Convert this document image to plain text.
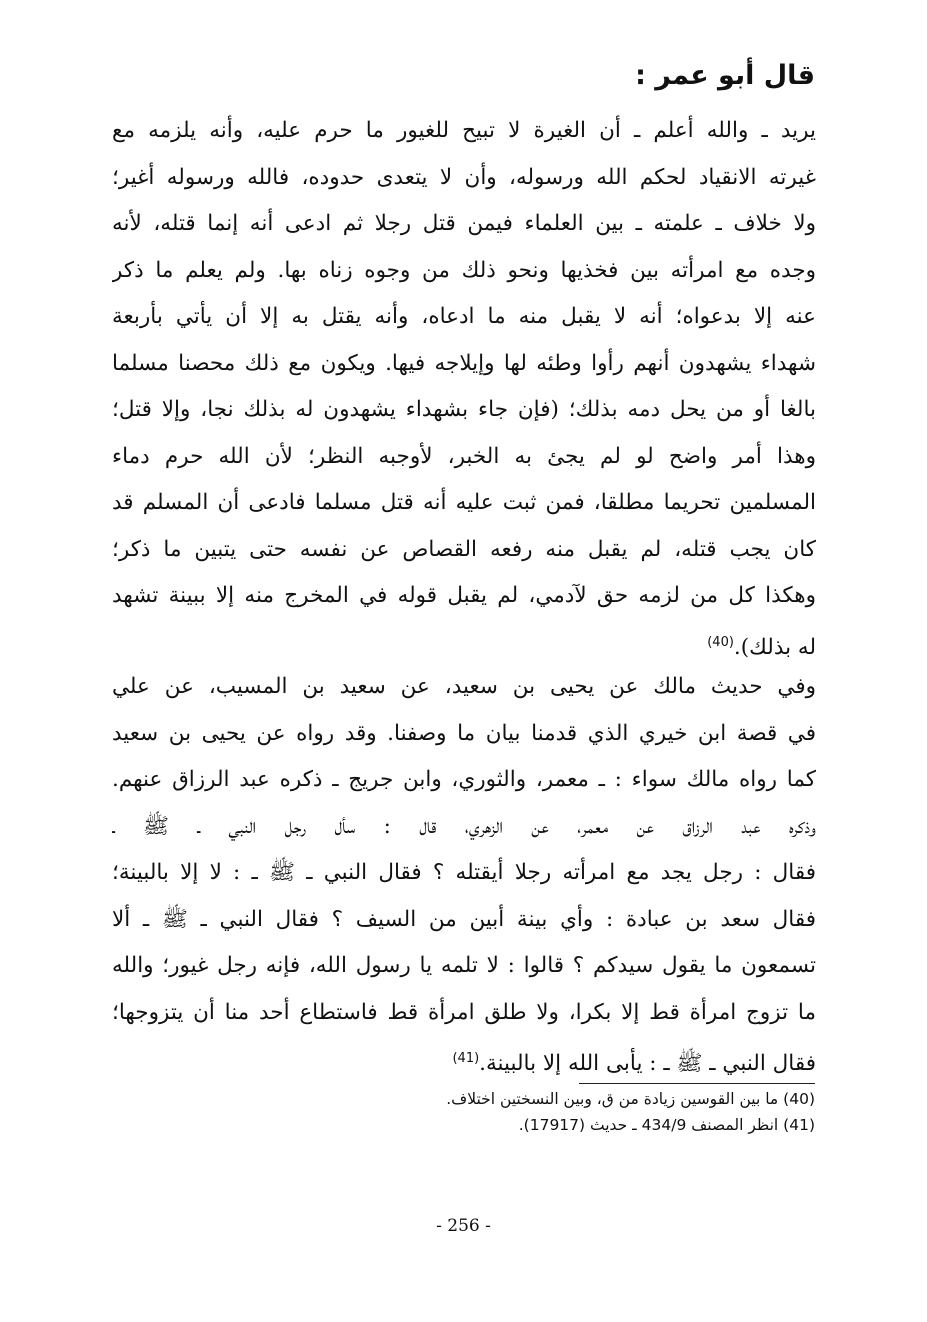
قال أبو عمر :
يريد ـ والله أعلم ـ أن الغيرة لا تبيح للغيور ما حرم عليه، وأنه يلزمه مع
غيرته الانقياد لحكم الله ورسوله، وأن لا يتعدى حدوده، فالله ورسوله أغير؛
ولا خلاف ـ علمته ـ بين العلماء فيمن قتل رجلا ثم ادعى أنه إنما قتله، لأنه
وجده مع امرأته بين فخذيها ونحو ذلك من وجوه زناه بها. ولم يعلم ما ذكر
عنه إلا بدعواه؛ أنه لا يقبل منه ما ادعاه، وأنه يقتل به إلا أن يأتي بأربعة
شهداء يشهدون أنهم رأوا وطئه لها وإيلاجه فيها. ويكون مع ذلك محصنا مسلما
بالغا أو من يحل دمه بذلك؛ (فإن جاء بشهداء يشهدون له بذلك نجا، وإلا قتل؛
وهذا أمر واضح لو لم يجئ به الخبر، لأوجبه النظر؛ لأن الله حرم دماء
المسلمين تحريما مطلقا، فمن ثبت عليه أنه قتل مسلما فادعى أن المسلم قد
كان يجب قتله، لم يقبل منه رفعه القصاص عن نفسه حتى يتبين ما ذكر؛
وهكذا كل من لزمه حق لآدمي، لم يقبل قوله في المخرج منه إلا ببينة تشهد
له بذلك).$^{(40)}$
وفي حديث مالك عن يحيى بن سعيد، عن سعيد بن المسيب، عن علي
في قصة ابن خيري الذي قدمنا بيان ما وصفنا. وقد رواه عن يحيى بن سعيد
كما رواه مالك سواء : ـ معمر، والثوري، وابن جريج ـ ذكره عبد الرزاق عنهم.
وذكره عبد الرزاق عن معمر، عن الزهري، قال : سأل رجل النبي ـ ﷺ ـ
فقال : رجل يجد مع امرأته رجلا أيقتله ؟ فقال النبي ـ ﷺ ـ : لا إلا بالبينة؛
فقال سعد بن عبادة : وأي بينة أبين من السيف ؟ فقال النبي ـ ﷺ ـ ألا
تسمعون ما يقول سيدكم ؟ قالوا : لا تلمه يا رسول الله، فإنه رجل غيور؛ والله
ما تزوج امرأة قط إلا بكرا، ولا طلق امرأة قط فاستطاع أحد منا أن يتزوجها؛
فقال النبي ـ ﷺ ـ : يأبى الله إلا بالبينة.$^{(41)}$
(40) ما بين القوسين زيادة من ق، وبين النسختين اختلاف.
(41) انظر المصنف 434/9 ـ حديث (17917).
- 256 -
